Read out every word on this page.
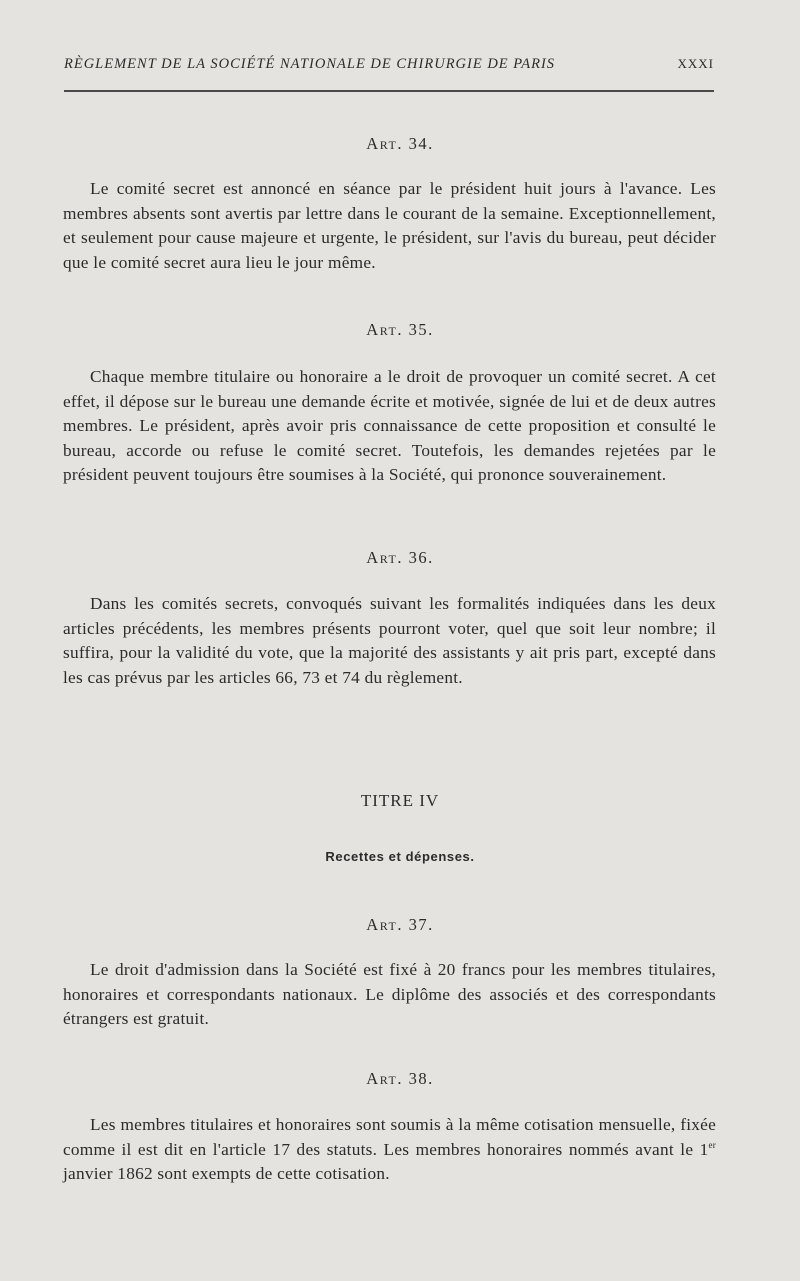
RÈGLEMENT DE LA SOCIÉTÉ NATIONALE DE CHIRURGIE DE PARIS	XXXI
Art. 34.
Le comité secret est annoncé en séance par le président huit jours à l'avance. Les membres absents sont avertis par lettre dans le courant de la semaine. Exceptionnellement, et seulement pour cause majeure et urgente, le président, sur l'avis du bureau, peut décider que le comité secret aura lieu le jour même.
Art. 35.
Chaque membre titulaire ou honoraire a le droit de provoquer un comité secret. A cet effet, il dépose sur le bureau une demande écrite et motivée, signée de lui et de deux autres membres. Le président, après avoir pris connaissance de cette proposition et consulté le bureau, accorde ou refuse le comité secret. Toutefois, les demandes rejetées par le président peuvent toujours être soumises à la Société, qui prononce souverainement.
Art. 36.
Dans les comités secrets, convoqués suivant les formalités indiquées dans les deux articles précédents, les membres présents pourront voter, quel que soit leur nombre; il suffira, pour la validité du vote, que la majorité des assistants y ait pris part, excepté dans les cas prévus par les articles 66, 73 et 74 du règlement.
TITRE IV
Recettes et dépenses.
Art. 37.
Le droit d'admission dans la Société est fixé à 20 francs pour les membres titulaires, honoraires et correspondants nationaux. Le diplôme des associés et des correspondants étrangers est gratuit.
Art. 38.
Les membres titulaires et honoraires sont soumis à la même cotisation mensuelle, fixée comme il est dit en l'article 17 des statuts. Les membres honoraires nommés avant le 1er janvier 1862 sont exempts de cette cotisation.
